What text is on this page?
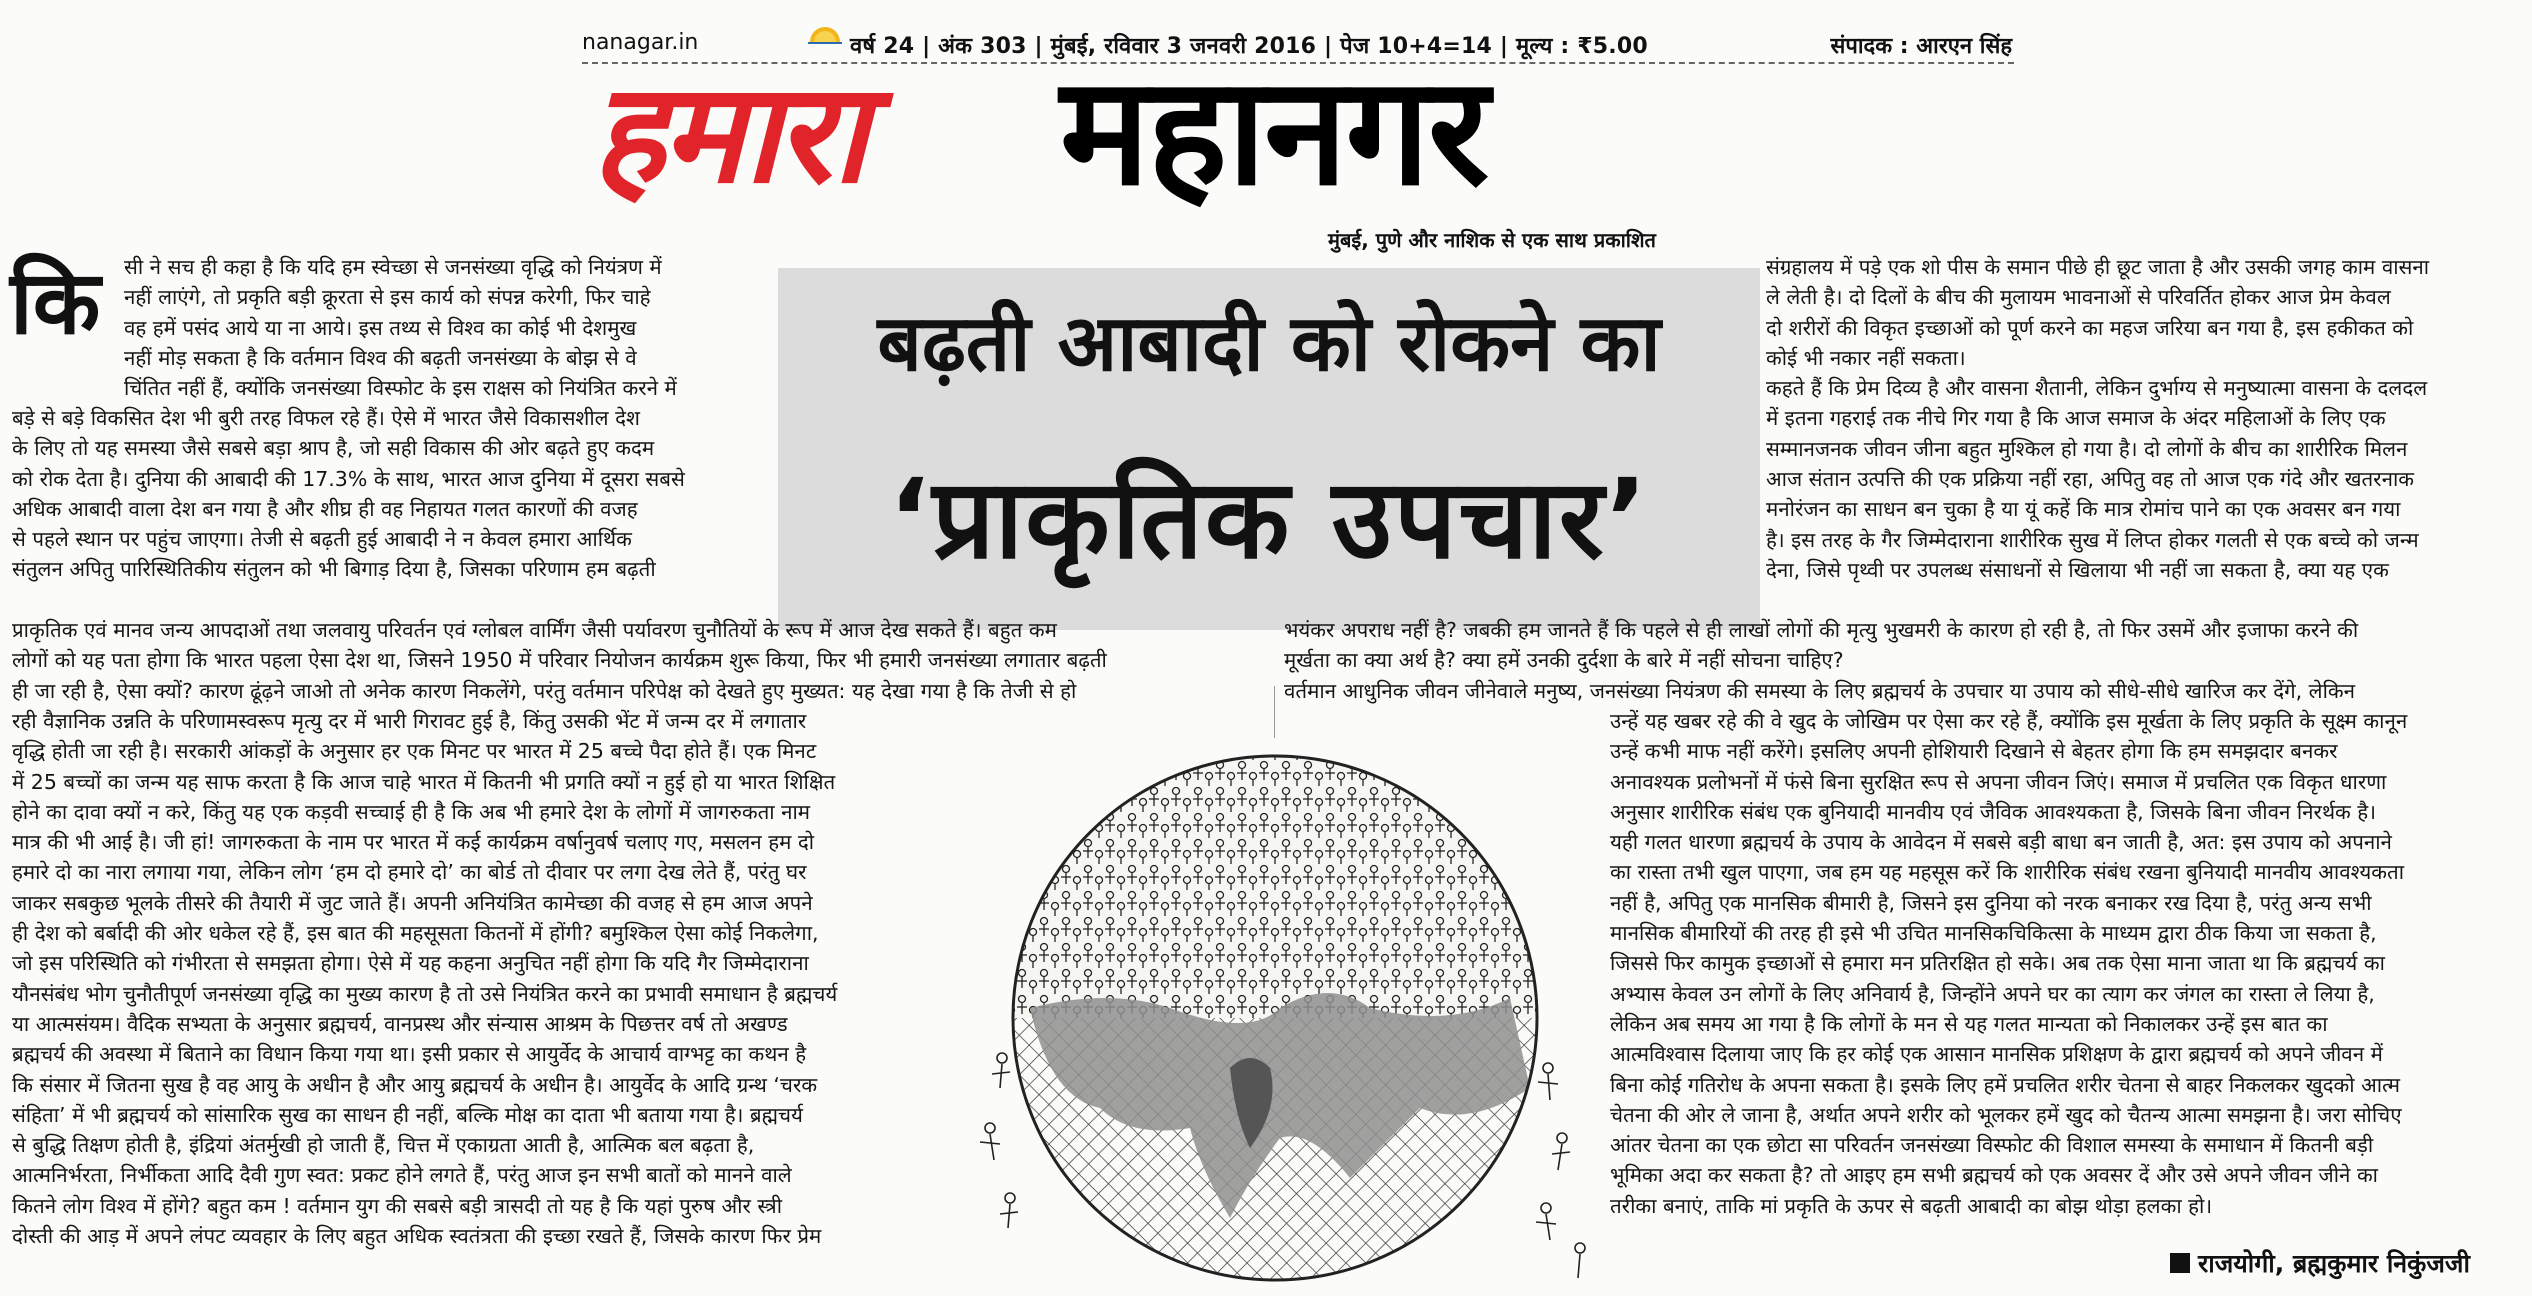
nanagar.in	वर्ष 24 | अंक 303 | मुंबई, रविवार 3 जनवरी 2016 | पेज 10+4=14 | मूल्य : ₹5.00	संपादक : आरएन सिंह
हमारा महानगर
मुंबई, पुणे और नाशिक से एक साथ प्रकाशित
बढ़ती आबादी को रोकने का
‘प्राकृतिक उपचार’
कि सी ने सच ही कहा है कि यदि हम स्वेच्छा से जनसंख्या वृद्धि को नियंत्रण में

नहीं लाएंगे, तो प्रकृति बड़ी क्रूरता से इस कार्य को संपन्न करेगी, फिर चाहे

वह हमें पसंद आये या ना आये। इस तथ्य से विश्व का कोई भी देशमुख

नहीं मोड़ सकता है कि वर्तमान विश्व की बढ़ती जनसंख्या के बोझ से वे

चिंतित नहीं हैं, क्योंकि जनसंख्या विस्फोट के इस राक्षस को नियंत्रित करने में

बड़े से बड़े विकसित देश भी बुरी तरह विफल रहे हैं। ऐसे में भारत जैसे विकासशील देश

के लिए तो यह समस्या जैसे सबसे बड़ा श्राप है, जो सही विकास की ओर बढ़ते हुए कदम

को रोक देता है। दुनिया की आबादी की 17.3% के साथ, भारत आज दुनिया में दूसरा सबसे

अधिक आबादी वाला देश बन गया है और शीघ्र ही वह निहायत गलत कारणों की वजह

से पहले स्थान पर पहुंच जाएगा। तेजी से बढ़ती हुई आबादी ने न केवल हमारा आर्थिक

संतुलन अपितु पारिस्थितिकीय संतुलन को भी बिगाड़ दिया है, जिसका परिणाम हम बढ़ती

प्राकृतिक एवं मानव जन्य आपदाओं तथा जलवायु परिवर्तन एवं ग्लोबल वार्मिंग जैसी पर्यावरण चुनौतियों के रूप में आज देख सकते हैं। बहुत कम

लोगों को यह पता होगा कि भारत पहला ऐसा देश था, जिसने 1950 में परिवार नियोजन कार्यक्रम शुरू किया, फिर भी हमारी जनसंख्या लगातार बढ़ती

ही जा रही है, ऐसा क्यों? कारण ढूंढ़ने जाओ तो अनेक कारण निकलेंगे, परंतु वर्तमान परिपेक्ष को देखते हुए मुख्यत: यह देखा गया है कि तेजी से हो

रही वैज्ञानिक उन्नति के परिणामस्वरूप मृत्यु दर में भारी गिरावट हुई है, किंतु उसकी भेंट में जन्म दर में लगातार

वृद्धि होती जा रही है। सरकारी आंकड़ों के अनुसार हर एक मिनट पर भारत में 25 बच्चे पैदा होते हैं। एक मिनट

में 25 बच्चों का जन्म यह साफ करता है कि आज चाहे भारत में कितनी भी प्रगति क्यों न हुई हो या भारत शिक्षित

होने का दावा क्यों न करे, किंतु यह एक कड़वी सच्चाई ही है कि अब भी हमारे देश के लोगों में जागरुकता नाम

मात्र की भी आई है। जी हां! जागरुकता के नाम पर भारत में कई कार्यक्रम वर्षानुवर्ष चलाए गए, मसलन हम दो

हमारे दो का नारा लगाया गया, लेकिन लोग ‘हम दो हमारे दो’ का बोर्ड तो दीवार पर लगा देख लेते हैं, परंतु घर

जाकर सबकुछ भूलके तीसरे की तैयारी में जुट जाते हैं। अपनी अनियंत्रित कामेच्छा की वजह से हम आज अपने

ही देश को बर्बादी की ओर धकेल रहे हैं, इस बात की महसूसता कितनों में होंगी? बमुश्किल ऐसा कोई निकलेगा,

जो इस परिस्थिति को गंभीरता से समझता होगा। ऐसे में यह कहना अनुचित नहीं होगा कि यदि गैर जिम्मेदाराना

यौनसंबंध भोग चुनौतीपूर्ण जनसंख्या वृद्धि का मुख्य कारण है तो उसे नियंत्रित करने का प्रभावी समाधान है ब्रह्मचर्य

या आत्मसंयम। वैदिक सभ्यता के अनुसार ब्रह्मचर्य, वानप्रस्थ और संन्यास आश्रम के पिछत्तर वर्ष तो अखण्ड

ब्रह्मचर्य की अवस्था में बिताने का विधान किया गया था। इसी प्रकार से आयुर्वेद के आचार्य वाग्भट्ट का कथन है

कि संसार में जितना सुख है वह आयु के अधीन है और आयु ब्रह्मचर्य के अधीन है। आयुर्वेद के आदि ग्रन्थ ‘चरक

संहिता’ में भी ब्रह्मचर्य को सांसारिक सुख का साधन ही नहीं, बल्कि मोक्ष का दाता भी बताया गया है। ब्रह्मचर्य

से बुद्धि तिक्षण होती है, इंद्रियां अंतर्मुखी हो जाती हैं, चित्त में एकाग्रता आती है, आत्मिक बल बढ़ता है,

आत्मनिर्भरता, निर्भीकता आदि दैवी गुण स्वत: प्रकट होने लगते हैं, परंतु आज इन सभी बातों को मानने वाले

कितने लोग विश्व में होंगे? बहुत कम ! वर्तमान युग की सबसे बड़ी त्रासदी तो यह है कि यहां पुरुष और स्त्री

दोस्ती की आड़ में अपने लंपट व्यवहार के लिए बहुत अधिक स्वतंत्रता की इच्छा रखते हैं, जिसके कारण फिर प्रेम

संग्रहालय में पड़े एक शो पीस के समान पीछे ही छूट जाता है और उसकी जगह काम वासना

ले लेती है। दो दिलों के बीच की मुलायम भावनाओं से परिवर्तित होकर आज प्रेम केवल

दो शरीरों की विकृत इच्छाओं को पूर्ण करने का महज जरिया बन गया है, इस हकीकत को

कोई भी नकार नहीं सकता।

कहते हैं कि प्रेम दिव्य है और वासना शैतानी, लेकिन दुर्भाग्य से मनुष्यात्मा वासना के दलदल

में इतना गहराई तक नीचे गिर गया है कि आज समाज के अंदर महिलाओं के लिए एक

सम्मानजनक जीवन जीना बहुत मुश्किल हो गया है। दो लोगों के बीच का शारीरिक मिलन

आज संतान उत्पत्ति की एक प्रक्रिया नहीं रहा, अपितु वह तो आज एक गंदे और खतरनाक

मनोरंजन का साधन बन चुका है या यूं कहें कि मात्र रोमांच पाने का एक अवसर बन गया

है। इस तरह के गैर जिम्मेदाराना शारीरिक सुख में लिप्त होकर गलती से एक बच्चे को जन्म

देना, जिसे पृथ्वी पर उपलब्ध संसाधनों से खिलाया भी नहीं जा सकता है, क्या यह एक

भयंकर अपराध नहीं है? जबकी हम जानते हैं कि पहले से ही लाखों लोगों की मृत्यु भुखमरी के कारण हो रही है, तो फिर उसमें और इजाफा करने की

मूर्खता का क्या अर्थ है? क्या हमें उनकी दुर्दशा के बारे में नहीं सोचना चाहिए?

वर्तमान आधुनिक जीवन जीनेवाले मनुष्य, जनसंख्या नियंत्रण की समस्या के लिए ब्रह्मचर्य के उपचार या उपाय को सीधे-सीधे खारिज कर देंगे, लेकिन

उन्हें यह खबर रहे की वे खुद के जोखिम पर ऐसा कर रहे हैं, क्योंकि इस मूर्खता के लिए प्रकृति के सूक्ष्म कानून

उन्हें कभी माफ नहीं करेंगे। इसलिए अपनी होशियारी दिखाने से बेहतर होगा कि हम समझदार बनकर

अनावश्यक प्रलोभनों में फंसे बिना सुरक्षित रूप से अपना जीवन जिएं। समाज में प्रचलित एक विकृत धारणा

अनुसार शारीरिक संबंध एक बुनियादी मानवीय एवं जैविक आवश्यकता है, जिसके बिना जीवन निरर्थक है।

यही गलत धारणा ब्रह्मचर्य के उपाय के आवेदन में सबसे बड़ी बाधा बन जाती है, अत: इस उपाय को अपनाने

का रास्ता तभी खुल पाएगा, जब हम यह महसूस करें कि शारीरिक संबंध रखना बुनियादी मानवीय आवश्यकता

नहीं है, अपितु एक मानसिक बीमारी है, जिसने इस दुनिया को नरक बनाकर रख दिया है, परंतु अन्य सभी

मानसिक बीमारियों की तरह ही इसे भी उचित मानसिकचिकित्सा के माध्यम द्वारा ठीक किया जा सकता है,

जिससे फिर कामुक इच्छाओं से हमारा मन प्रतिरक्षित हो सके। अब तक ऐसा माना जाता था कि ब्रह्मचर्य का

अभ्यास केवल उन लोगों के लिए अनिवार्य है, जिन्होंने अपने घर का त्याग कर जंगल का रास्ता ले लिया है,

लेकिन अब समय आ गया है कि लोगों के मन से यह गलत मान्यता को निकालकर उन्हें इस बात का

आत्मविश्वास दिलाया जाए कि हर कोई एक आसान मानसिक प्रशिक्षण के द्वारा ब्रह्मचर्य को अपने जीवन में

बिना कोई गतिरोध के अपना सकता है। इसके लिए हमें प्रचलित शरीर चेतना से बाहर निकलकर खुदको आत्म

चेतना की ओर ले जाना है, अर्थात अपने शरीर को भूलकर हमें खुद को चैतन्य आत्मा समझना है। जरा सोचिए

आंतर चेतना का एक छोटा सा परिवर्तन जनसंख्या विस्फोट की विशाल समस्या के समाधान में कितनी बड़ी

भूमिका अदा कर सकता है? तो आइए हम सभी ब्रह्मचर्य को एक अवसर दें और उसे अपने जीवन जीने का

तरीका बनाएं, ताकि मां प्रकृति के ऊपर से बढ़ती आबादी का बोझ थोड़ा हलका हो।

राजयोगी, ब्रह्मकुमार निकुंजजी
